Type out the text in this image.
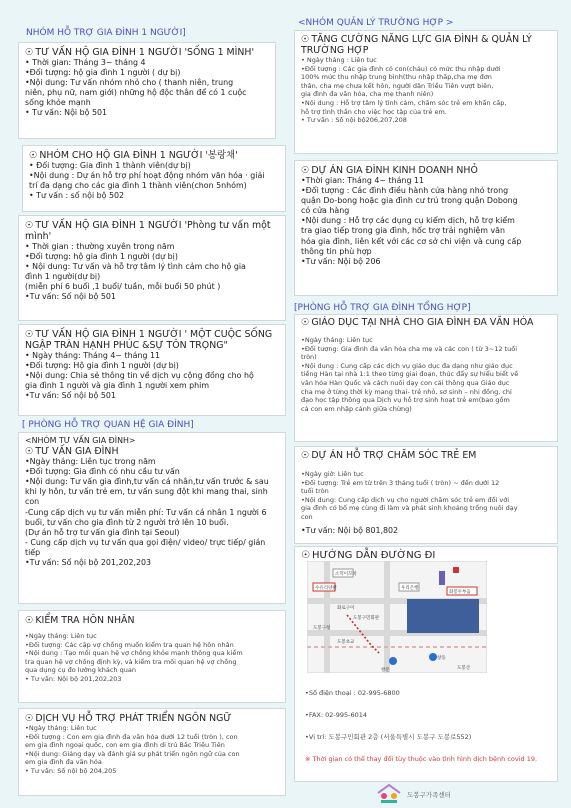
NHÓM HỖ TRỢ GIA ĐÌNH 1 NGƯỜI]
☉ TƯ VẤN HỘ GIA ĐÌNH 1 NGƯỜI 'SỐNG 1 MÌNH'
• Thời gian: Tháng 3~ tháng 4
•Đối tượng: hộ gia đình 1 người ( dự bị)
•Nội dung: Tư vấn nhóm nhỏ cho ( thanh niên, trung
niên, phụ nữ, nam giới) những hộ độc thân để có 1 cuộc
sống khỏe mạnh
• Tư vấn: Nội bộ 501
☉ NHÓM CHO HỘ GIA ĐÌNH 1 NGƯỜI '봉랑채'
• Đối tượng: Gia đình 1 thành viên(dự bị)
•Nội dung : Dự án hỗ trợ phí hoạt động nhóm văn hóa · giải
trí đa dạng cho các gia đình 1 thành viên(chon 5nhóm)
• Tư vấn : số nội bộ 502
☉ TƯ VẤN HỘ GIA ĐÌNH 1 NGƯỜI 'Phòng tư vấn một mình'
• Thời gian : thường xuyên trong năm
•Đối tượng: hộ gia đình 1 người (dự bị)
• Nội dung: Tư vấn và hỗ trợ tâm lý tình cảm cho hộ gia
đình 1 người(dự bị)
(miễn phí 6 buổi ,1 buổi/ tuần, mỗi buổi 50 phút )
•Tư vấn: Số nội bộ 501
☉ TƯ VẤN HỘ GIA ĐÌNH 1 NGƯỜI ' MỘT CUỘC SỐNG NGẬP TRÀN HẠNH PHÚC &SỰ TÔN TRỌNG"
• Ngày tháng: Tháng 4~ tháng 11
•Đối tượng: Hộ gia đình 1 người (dự bị)
•Nội dung: Chia sẻ thông tin về dịch vụ cộng đồng cho hộ
gia đình 1 người và gia đình 1 người xem phim
•Tư vấn: Số nội bộ 501
[ PHÒNG HỖ TRỢ QUAN HỆ GIA ĐÌNH]
<NHÓM TƯ VẤN GIA ĐÌNH>
☉ TƯ VẤN GIA ĐÌNH
•Ngày tháng: Liên tục trong năm
•Đối tượng: Gia đình có nhu cầu tư vấn
•Nội dung: Tư vấn gia đình,tư vấn cá nhân,tư vấn trước & sau
khi ly hôn, tư vấn trẻ em, tư vấn sung đột khi mang thai, sinh
con
-Cung cấp dịch vụ tư vấn miễn phí: Tư vấn cá nhân 1 người 6
buổi, tư vấn cho gia đình từ 2 người trở lên 10 buổi.
(Dự án hỗ trợ tư vấn gia đình tại Seoul)
- Cung cấp dịch vụ tư vấn qua gọi điện/ video/ trực tiếp/ gián
tiếp
•Tư vấn: Số nội bộ 201,202,203
☉ KIỂM TRA HÔN NHÂN
•Ngày tháng: Liên tục
•Đối tượng: Các cặp vợ chồng muốn kiểm tra quan hệ hôn nhân
•Nội dung : Tạo mối quan hệ vợ chồng khỏe mạnh thông qua kiểm
tra quan hệ vợ chồng định kỳ, và kiểm tra mối quan hệ vợ chồng
qua dụng cụ đo lường khách quan
• Tư vấn: Nội bộ 201,202,203
☉ DỊCH VỤ HỖ TRỢ PHÁT TRIỂN NGÔN NGỮ
•Ngày tháng: Liên tục
•Đối tượng : Con em gia đình đa văn hóa dưới 12 tuổi (tròn ), con
em gia đình ngoại quốc, con em gia đình di trú Bắc Triều Tiên
•Nội dung: Giảng dạy và đánh giá sự phát triển ngôn ngữ của con
em gia đình đa văn hóa
• Tư vấn: Số nội bộ 204,205
<NHÓM QUẢN LÝ TRƯỜNG HỢP >
☉ TĂNG CƯỜNG NĂNG LỰC GIA ĐÌNH & QUẢN LÝ TRƯỜNG HỢP
• Ngày tháng : Liên tục
•Đối tượng : Các gia đình có con(cháu) có mức thu nhập dưới
100% mức thu nhập trung bình(thu nhập thấp,cha mẹ đơn
thân, cha mẹ chưa kết hôn, người dân Triều Tiên vượt biên,
gia đình đa văn hóa, cha mẹ thanh niên)
•Nội dung : Hỗ trợ tâm lý tình cảm, chăm sóc trẻ em khẩn cấp,
hỗ trợ tình thần cho việc học tập của trẻ em.
• Tư vấn : Số nội bộ206,207,208
☉ DỰ ÁN GIA ĐÌNH KINH DOANH NHỎ
•Thời gian: Tháng 4~ tháng 11
•Đối tượng : Các đình điều hành cửa hàng nhỏ trong
quận Do-bong hoặc gia đình cư trú trong quận Dobong
có cửa hàng
•Nội dung : Hỗ trợ các dụng cụ kiểm dịch, hỗ trợ kiểm
tra giao tiếp trong gia đình, hốc trợ trải nghiệm văn
hóa gia đình, liên kết với các cơ sở chi viện và cung cấp
thông tin phù hợp
•Tư vấn: Nội bộ 206
[PHÒNG HỖ TRỢ GIA ĐÌNH TỔNG HỢP]
☉ GIÁO DỤC TẠI NHÀ CHO GIA ĐÌNH ĐA VĂN HÓA
•Ngày tháng: Liên tục
•Đối tượng: Gia đình đa văn hóa cha mẹ và các con ( từ 3~12 tuổi
tròn)
•Nội dung : Cung cấp các dịch vụ giáo dục đa dạng như giáo dục
tiếng Hàn tại nhà 1:1 theo từng giai đoạn, thúc đẩy sự hiểu biết về
văn hóa Hàn Quốc và cách nuôi dạy con cái thông qua Giáo dục
cha mẹ ở từng thời kỳ mang thai- trẻ nhỏ, sơ sinh – nhi đồng, chỉ
đạo học tập thông qua Dịch vụ hỗ trợ sinh hoạt trẻ em(bao gồm
cả con em nhập cảnh giữa chừng)
☉ DỰ ÁN HỖ TRỢ CHĂM SÓC TRẺ EM
•Ngày giờ: Liên tục
•Đối tượng: Trẻ em từ trên 3 tháng tuổi ( tròn) ~ đến dưới 12
tuổi tròn
•Nội dung: Cung cấp dịch vụ cho người chăm sóc trẻ em đối với
gia đình có bố mẹ cùng đi làm và phát sinh khoảng trống nuôi dạy
con
•Tư vấn: Nội bộ 801,802
☉ HƯỚNG DẪN ĐƯỜNG ĐI
소떡이꼬치
수유리양팔	우리은행
화봉두부음
화로구이
도봉구청
도봉구민회관
창동
쌍문
도봉초교
도봉산
•Số điện thoại : 02-995-6800
•FAX: 02-995-6014
•Vị trí: 도봉구민회관 2층 (서울특별시 도봉구 도봉로552)
※ Thời gian có thể thay đổi tùy thuộc vào tình hình dịch bệnh covid 19.
도봉구가족센터
